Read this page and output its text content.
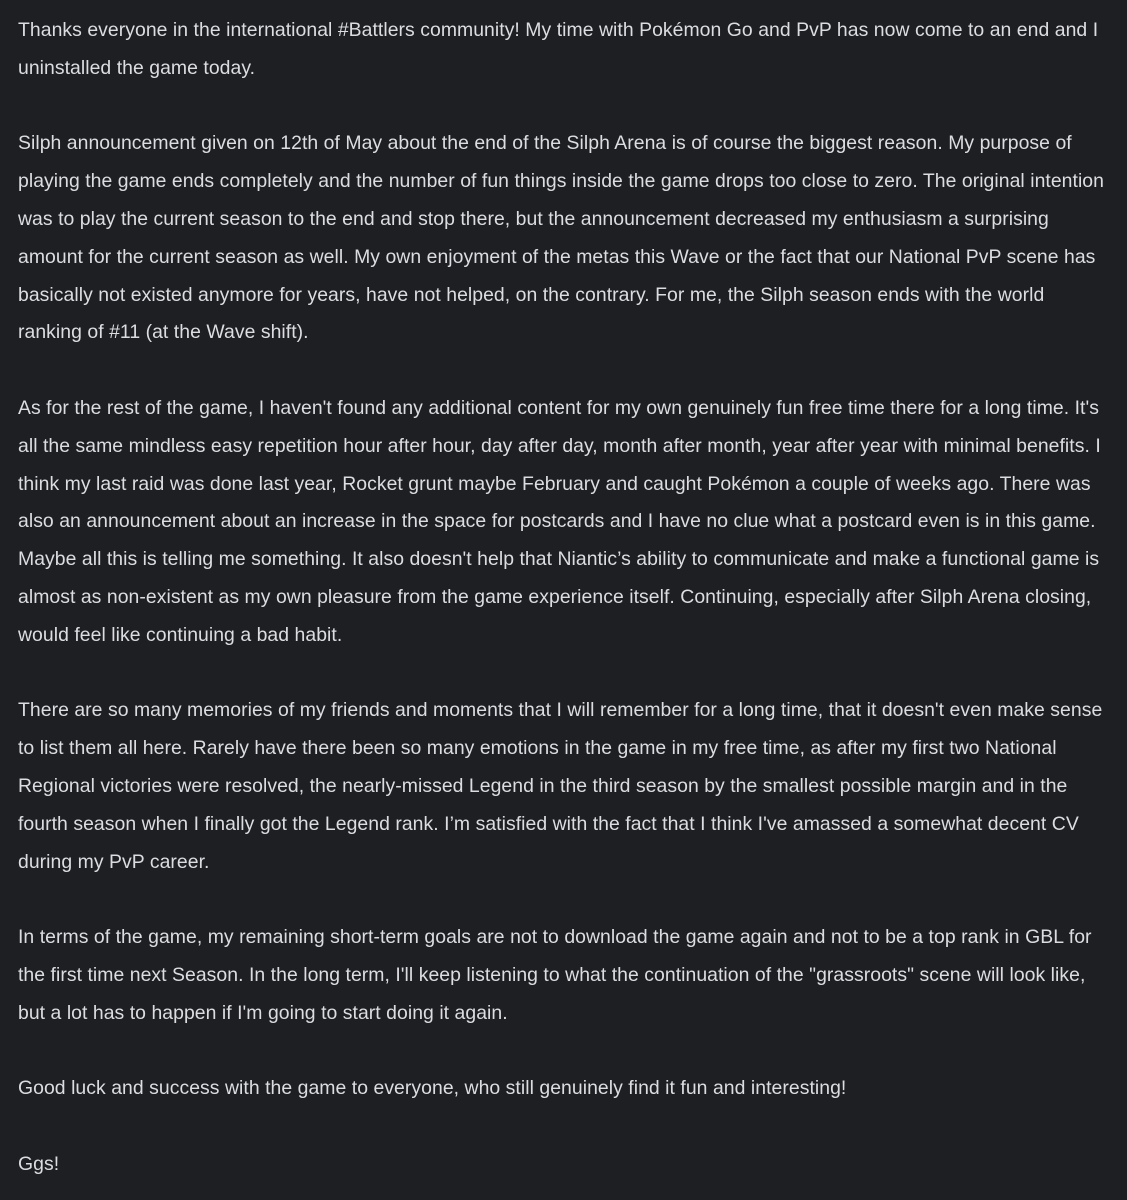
Thanks everyone in the international #Battlers community! My time with Pokémon Go and PvP has now come to an end and I uninstalled the game today.

Silph announcement given on 12th of May about the end of the Silph Arena is of course the biggest reason. My purpose of playing the game ends completely and the number of fun things inside the game drops too close to zero. The original intention was to play the current season to the end and stop there, but the announcement decreased my enthusiasm a surprising amount for the current season as well. My own enjoyment of the metas this Wave or the fact that our National PvP scene has basically not existed anymore for years, have not helped, on the contrary. For me, the Silph season ends with the world ranking of #11 (at the Wave shift).

As for the rest of the game, I haven't found any additional content for my own genuinely fun free time there for a long time. It's all the same mindless easy repetition hour after hour, day after day, month after month, year after year with minimal benefits. I think my last raid was done last year, Rocket grunt maybe February and caught Pokémon a couple of weeks ago. There was also an announcement about an increase in the space for postcards and I have no clue what a postcard even is in this game. Maybe all this is telling me something. It also doesn't help that Niantic’s ability to communicate and make a functional game is almost as non-existent as my own pleasure from the game experience itself. Continuing, especially after Silph Arena closing, would feel like continuing a bad habit.

There are so many memories of my friends and moments that I will remember for a long time, that it doesn't even make sense to list them all here. Rarely have there been so many emotions in the game in my free time, as after my first two National Regional victories were resolved, the nearly-missed Legend in the third season by the smallest possible margin and in the fourth season when I finally got the Legend rank. I’m satisfied with the fact that I think I've amassed a somewhat decent CV during my PvP career.

In terms of the game, my remaining short-term goals are not to download the game again and not to be a top rank in GBL for the first time next Season. In the long term, I'll keep listening to what the continuation of the "grassroots" scene will look like, but a lot has to happen if I'm going to start doing it again.

Good luck and success with the game to everyone, who still genuinely find it fun and interesting!

Ggs!
